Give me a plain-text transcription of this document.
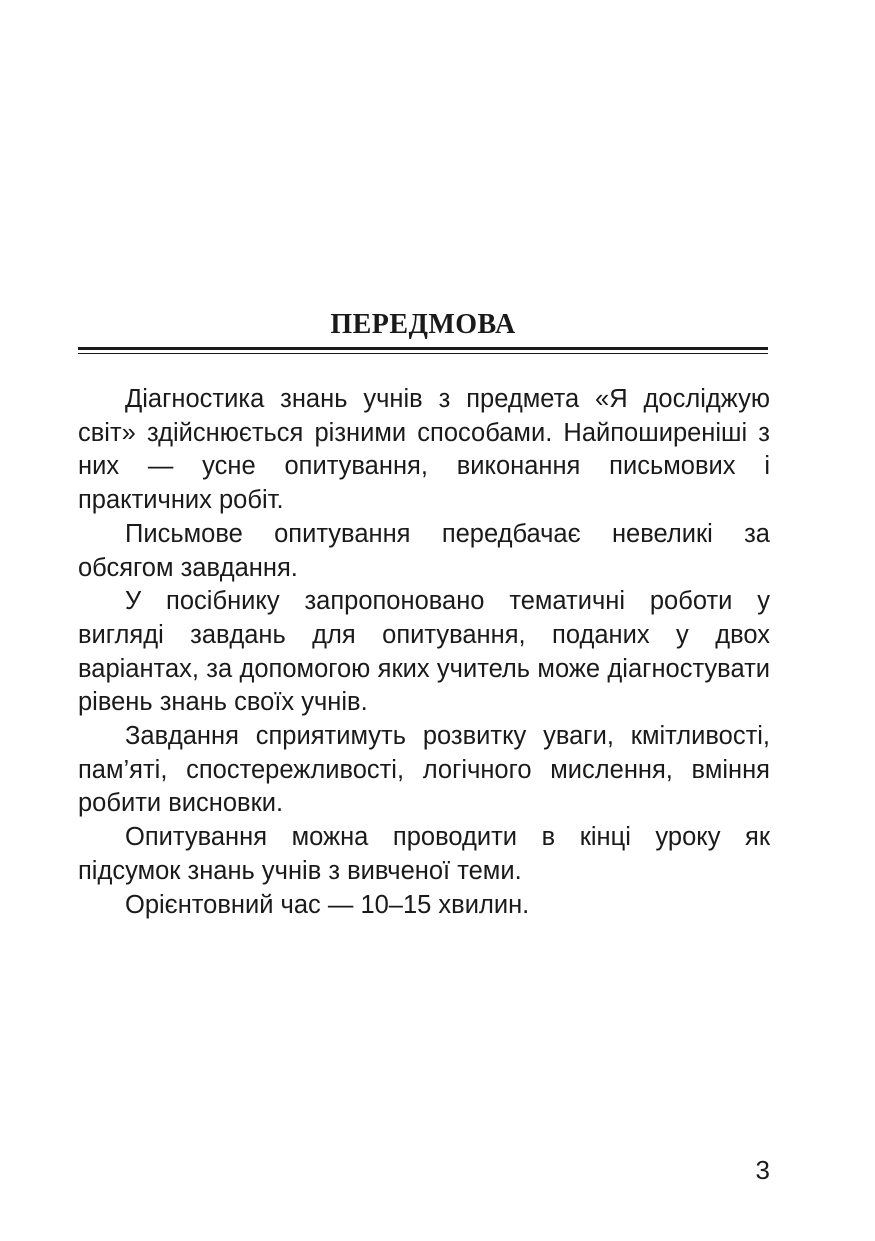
ПЕРЕДМОВА

Діагностика знань учнів з предмета «Я досліджую світ» здійснюється різними способами. Найпоширеніші з них — усне опитування, виконання письмових і практичних робіт.

Письмове опитування передбачає невеликі за обсягом завдання.

У посібнику запропоновано тематичні роботи у вигляді завдань для опитування, поданих у двох варіантах, за допомогою яких учитель може діагностувати рівень знань своїх учнів.

Завдання сприятимуть розвитку уваги, кмітливості, пам’яті, спостережливості, логічного мислення, вміння робити висновки.

Опитування можна проводити в кінці уроку як підсумок знань учнів з вивченої теми.

Орієнтовний час — 10–15 хвилин.

3
